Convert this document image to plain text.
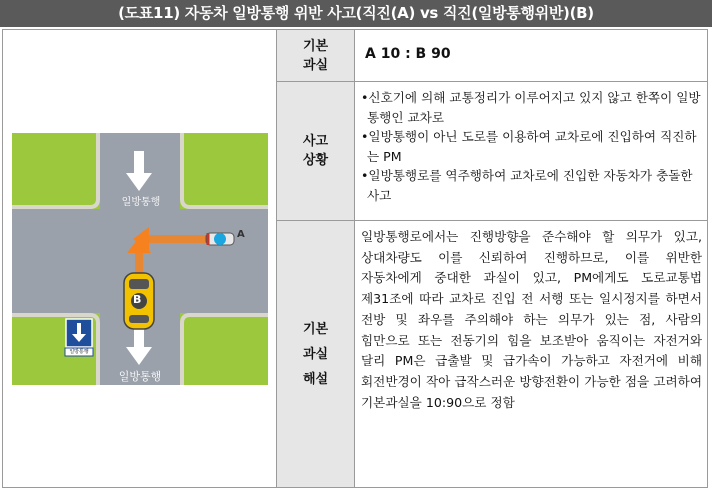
(도표11) 자동차 일방통행 위반 사고(직진(A) vs 직진(일방통행위반)(B)
기본
과실
사고
상황
기본
과실
해설
A 10 : B 90

•신호기에 의해 교통정리가 이루어지고 있지 않고 한쪽이 일방통행인 교차로

•일방통행이 아닌 도로를 이용하여 교차로에 진입하여 직진하는 PM

•일방통행로를 역주행하여 교차로에 진입한 자동차가 충돌한 사고

일방통행로에서는 진행방향을 준수해야 할 의무가 있고, 상대차량도 이를 신뢰하여 진행하므로, 이를 위반한 자동차에게 중대한 과실이 있고, PM에게도 도로교통법 제31조에 따라 교차로 진입 전 서행 또는 일시정지를 하면서 전방 및 좌우를 주의해야 하는 의무가 있는 점, 사람의 힘만으로 또는 전동기의 힘을 보조받아 움직이는 자전거와 달리 PM은 급출발 및 급가속이 가능하고 자전거에 비해 회전반경이 작아 급작스러운 방향전환이 가능한 점을 고려하여 기본과실을 10:90으로 정함
일방통행
일방통행
일방통행
A
B
